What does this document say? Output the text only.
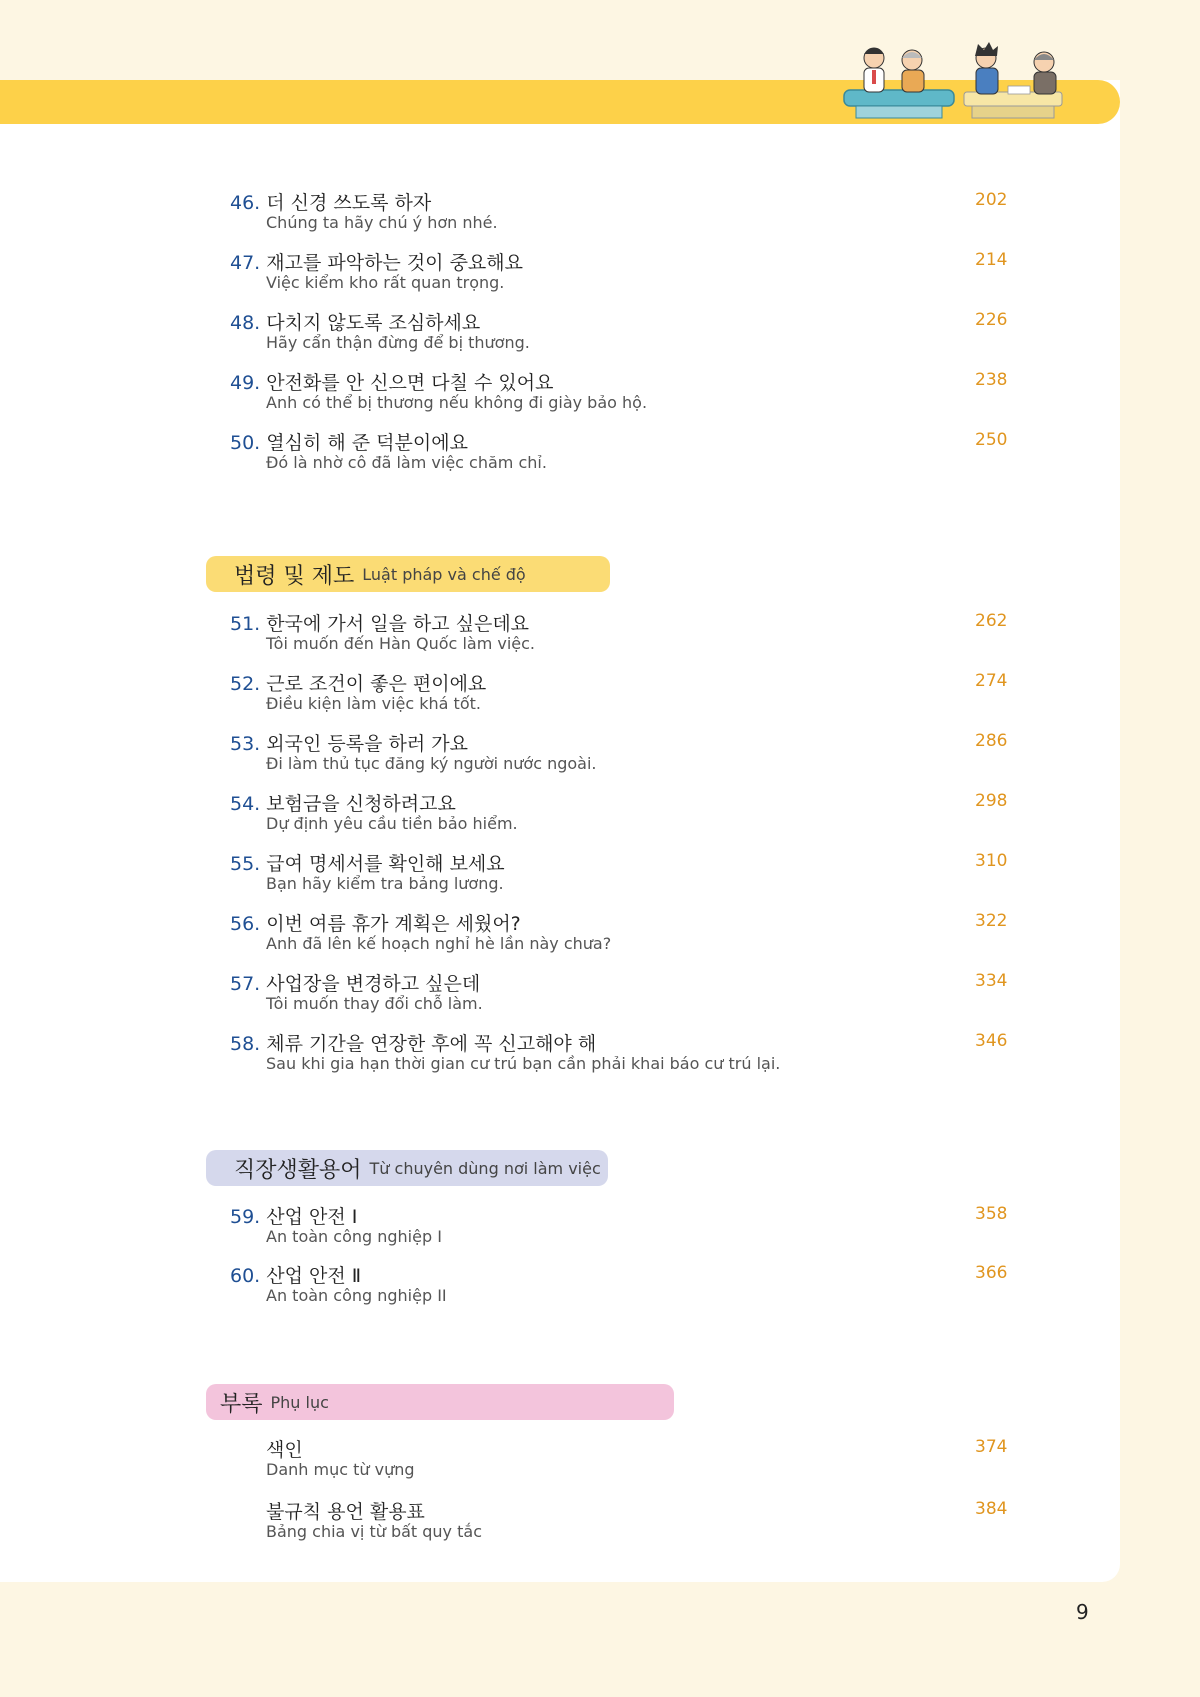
46. 더 신경 쓰도록 하자
Chúng ta hãy chú ý hơn nhé.
202
47. 재고를 파악하는 것이 중요해요
Việc kiểm kho rất quan trọng.
214
48. 다치지 않도록 조심하세요
Hãy cẩn thận đừng để bị thương.
226
49. 안전화를 안 신으면 다칠 수 있어요
Anh có thể bị thương nếu không đi giày bảo hộ.
238
50. 열심히 해 준 덕분이에요
Đó là nhờ cô đã làm việc chăm chỉ.
250
법령 및 제도 Luật pháp và chế độ
51. 한국에 가서 일을 하고 싶은데요
Tôi muốn đến Hàn Quốc làm việc.
262
52. 근로 조건이 좋은 편이에요
Điều kiện làm việc khá tốt.
274
53. 외국인 등록을 하러 가요
Đi làm thủ tục đăng ký người nước ngoài.
286
54. 보험금을 신청하려고요
Dự định yêu cầu tiền bảo hiểm.
298
55. 급여 명세서를 확인해 보세요
Bạn hãy kiểm tra bảng lương.
310
56. 이번 여름 휴가 계획은 세웠어?
Anh đã lên kế hoạch nghỉ hè lần này chưa?
322
57. 사업장을 변경하고 싶은데
Tôi muốn thay đổi chỗ làm.
334
58. 체류 기간을 연장한 후에 꼭 신고해야 해
Sau khi gia hạn thời gian cư trú bạn cần phải khai báo cư trú lại.
346
직장생활용어 Từ chuyên dùng nơi làm việc
59. 산업 안전 Ⅰ
An toàn công nghiệp I
358
60. 산업 안전 Ⅱ
An toàn công nghiệp II
366
부록 Phụ lục
색인
Danh mục từ vựng
374
불규칙 용언 활용표
Bảng chia vị từ bất quy tắc
384
9
